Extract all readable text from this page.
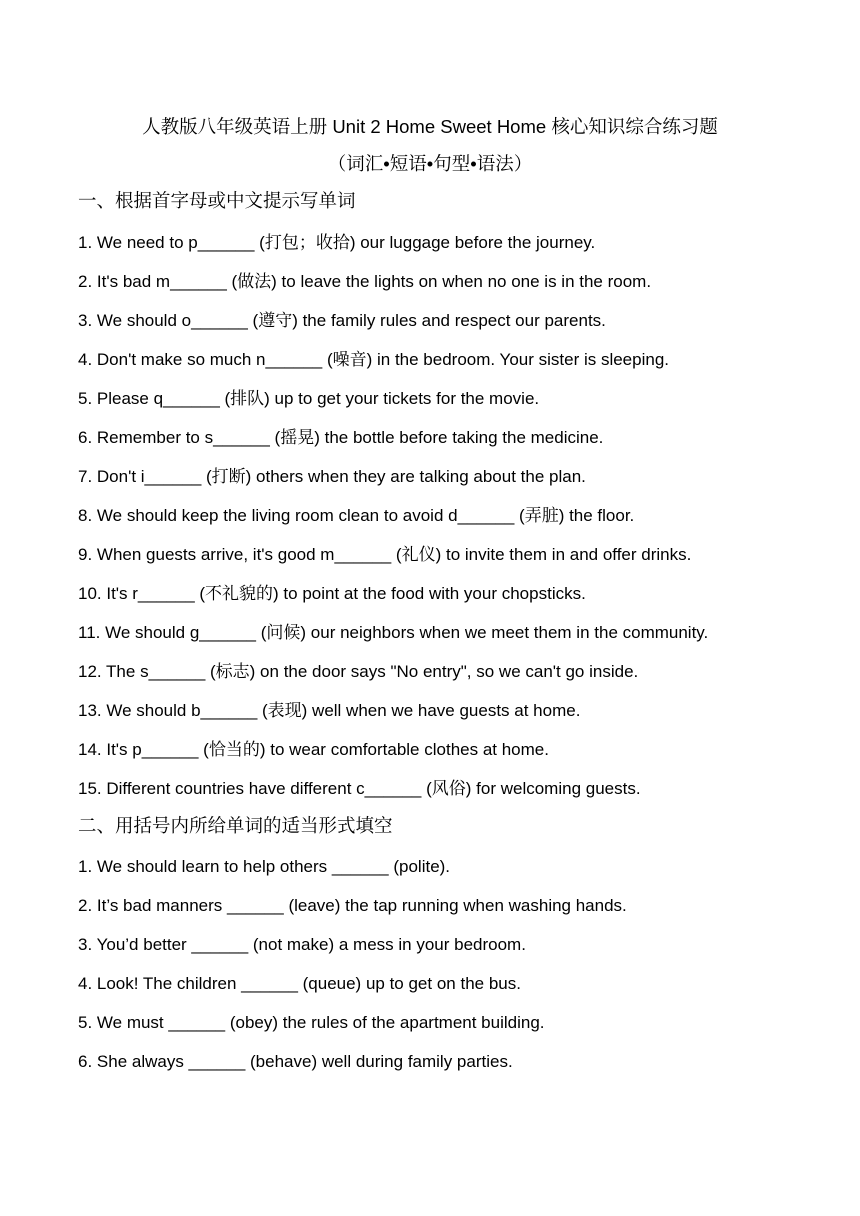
人教版八年级英语上册 Unit 2 Home Sweet Home 核心知识综合练习题
（词汇•短语•句型•语法）
一、根据首字母或中文提示写单词
1. We need to p______ (打包；收拾) our luggage before the journey.
2. It's bad m______ (做法) to leave the lights on when no one is in the room.
3. We should o______ (遵守) the family rules and respect our parents.
4. Don't make so much n______ (噪音) in the bedroom. Your sister is sleeping.
5. Please q______ (排队) up to get your tickets for the movie.
6. Remember to s______ (摇晃) the bottle before taking the medicine.
7. Don't i______ (打断) others when they are talking about the plan.
8. We should keep the living room clean to avoid d______ (弄脏) the floor.
9. When guests arrive, it's good m______ (礼仪) to invite them in and offer drinks.
10. It's r______ (不礼貌的) to point at the food with your chopsticks.
11. We should g______ (问候) our neighbors when we meet them in the community.
12. The s______ (标志) on the door says "No entry", so we can't go inside.
13. We should b______ (表现) well when we have guests at home.
14. It's p______ (恰当的) to wear comfortable clothes at home.
15. Different countries have different c______ (风俗) for welcoming guests.
二、用括号内所给单词的适当形式填空
1. We should learn to help others ______ (polite).
2. It’s bad manners ______ (leave) the tap running when washing hands.
3. You’d better ______ (not make) a mess in your bedroom.
4. Look! The children ______ (queue) up to get on the bus.
5. We must ______ (obey) the rules of the apartment building.
6. She always ______ (behave) well during family parties.
